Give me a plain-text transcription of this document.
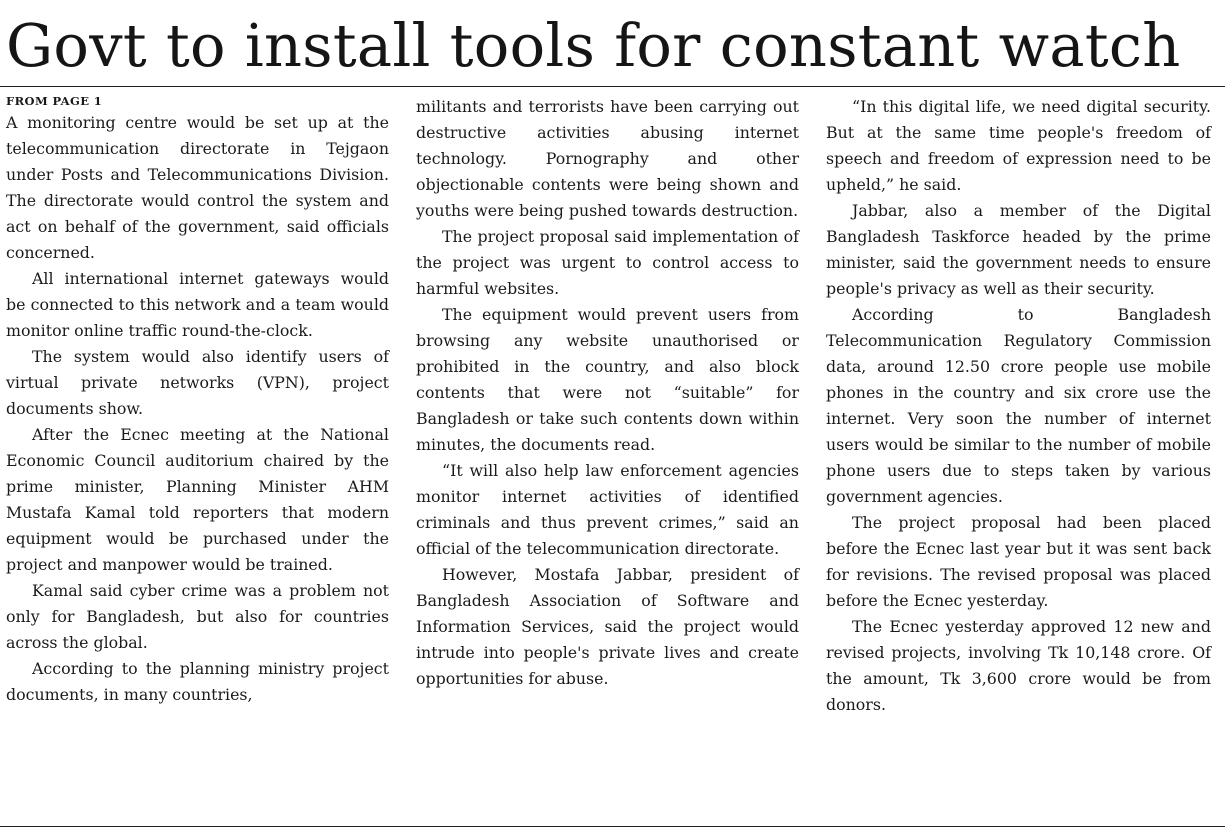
Govt to install tools for constant watch

FROM PAGE 1

A monitoring centre would be set up at the telecommunication directorate in Tejgaon under Posts and Telecommunications Division. The directorate would control the system and act on behalf of the government, said officials concerned.

All international internet gateways would be connected to this network and a team would monitor online traffic round-the-clock.

The system would also identify users of virtual private networks (VPN), project documents show.

After the Ecnec meeting at the National Economic Council auditorium chaired by the prime minister, Planning Minister AHM Mustafa Kamal told reporters that modern equipment would be purchased under the project and manpower would be trained.

Kamal said cyber crime was a problem not only for Bangladesh, but also for countries across the global.

According to the planning ministry project documents, in many countries,

militants and terrorists have been carrying out destructive activities abusing internet technology. Pornography and other objectionable contents were being shown and youths were being pushed towards destruction.

The project proposal said implementation of the project was urgent to control access to harmful websites.

The equipment would prevent users from browsing any website unauthorised or prohibited in the country, and also block contents that were not “suitable” for Bangladesh or take such contents down within minutes, the documents read.

“It will also help law enforcement agencies monitor internet activities of identified criminals and thus prevent crimes,” said an official of the telecommunication directorate.

However, Mostafa Jabbar, president of Bangladesh Association of Software and Information Services, said the project would intrude into people's private lives and create opportunities for abuse.

“In this digital life, we need digital security. But at the same time people's freedom of speech and freedom of expression need to be upheld,” he said.

Jabbar, also a member of the Digital Bangladesh Taskforce headed by the prime minister, said the government needs to ensure people's privacy as well as their security.

According to Bangladesh Telecommunication Regulatory Commission data, around 12.50 crore people use mobile phones in the country and six crore use the internet. Very soon the number of internet users would be similar to the number of mobile phone users due to steps taken by various government agencies.

The project proposal had been placed before the Ecnec last year but it was sent back for revisions. The revised proposal was placed before the Ecnec yesterday.

The Ecnec yesterday approved 12 new and revised projects, involving Tk 10,148 crore. Of the amount, Tk 3,600 crore would be from donors.
